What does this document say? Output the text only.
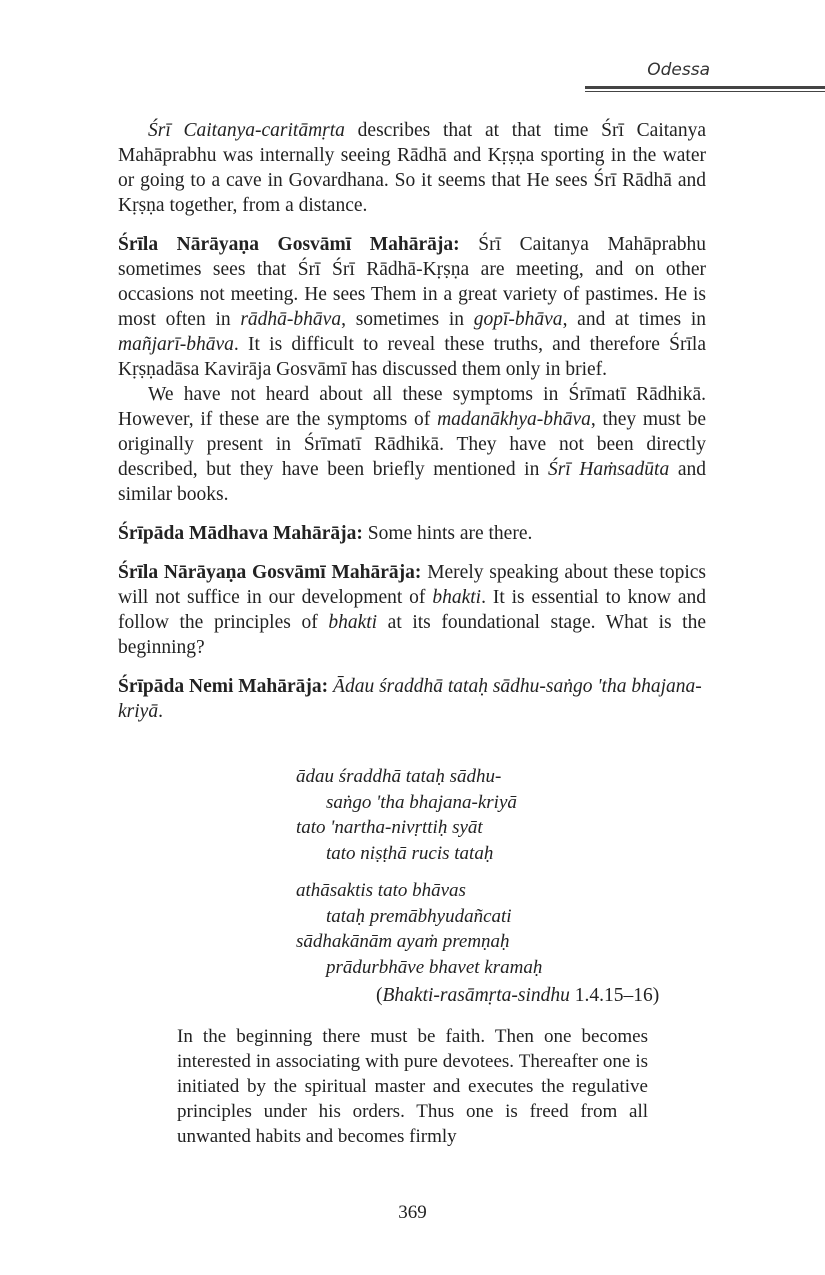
Odessa

Śrī Caitanya-caritāmṛta describes that at that time Śrī Caitanya Mahāprabhu was internally seeing Rādhā and Kṛṣṇa sporting in the water or going to a cave in Govardhana. So it seems that He sees Śrī Rādhā and Kṛṣṇa together, from a distance.

Śrīla Nārāyaṇa Gosvāmī Mahārāja: Śrī Caitanya Mahāprabhu sometimes sees that Śrī Śrī Rādhā-Kṛṣṇa are meeting, and on other occasions not meeting. He sees Them in a great variety of pastimes. He is most often in rādhā-bhāva, sometimes in gopī-bhāva, and at times in mañjarī-bhāva. It is difficult to reveal these truths, and therefore Śrīla Kṛṣṇadāsa Kavirāja Gosvāmī has discussed them only in brief.

We have not heard about all these symptoms in Śrīmatī Rādhikā. However, if these are the symptoms of madanākhya-bhāva, they must be originally present in Śrīmatī Rādhikā. They have not been directly described, but they have been briefly mentioned in Śrī Haṁsadūta and similar books.

Śrīpāda Mādhava Mahārāja: Some hints are there.

Śrīla Nārāyaṇa Gosvāmī Mahārāja: Merely speaking about these topics will not suffice in our development of bhakti. It is essential to know and follow the principles of bhakti at its foundational stage. What is the beginning?

Śrīpāda Nemi Mahārāja: Ādau śraddhā tataḥ sādhu-saṅgo 'tha bhajana-kriyā.

ādau śraddhā tataḥ sādhu-
saṅgo 'tha bhajana-kriyā
tato 'nartha-nivṛttiḥ syāt
tato niṣṭhā rucis tataḥ
athāsaktis tato bhāvas
tataḥ premābhyudañcati
sādhakānām ayaṁ premṇaḥ
prādurbhāve bhavet kramaḥ
(Bhakti-rasāmṛta-sindhu 1.4.15–16)
In the beginning there must be faith. Then one becomes interested in associating with pure devotees. Thereafter one is initiated by the spiritual master and executes the regulative principles under his orders. Thus one is freed from all unwanted habits and becomes firmly
369
